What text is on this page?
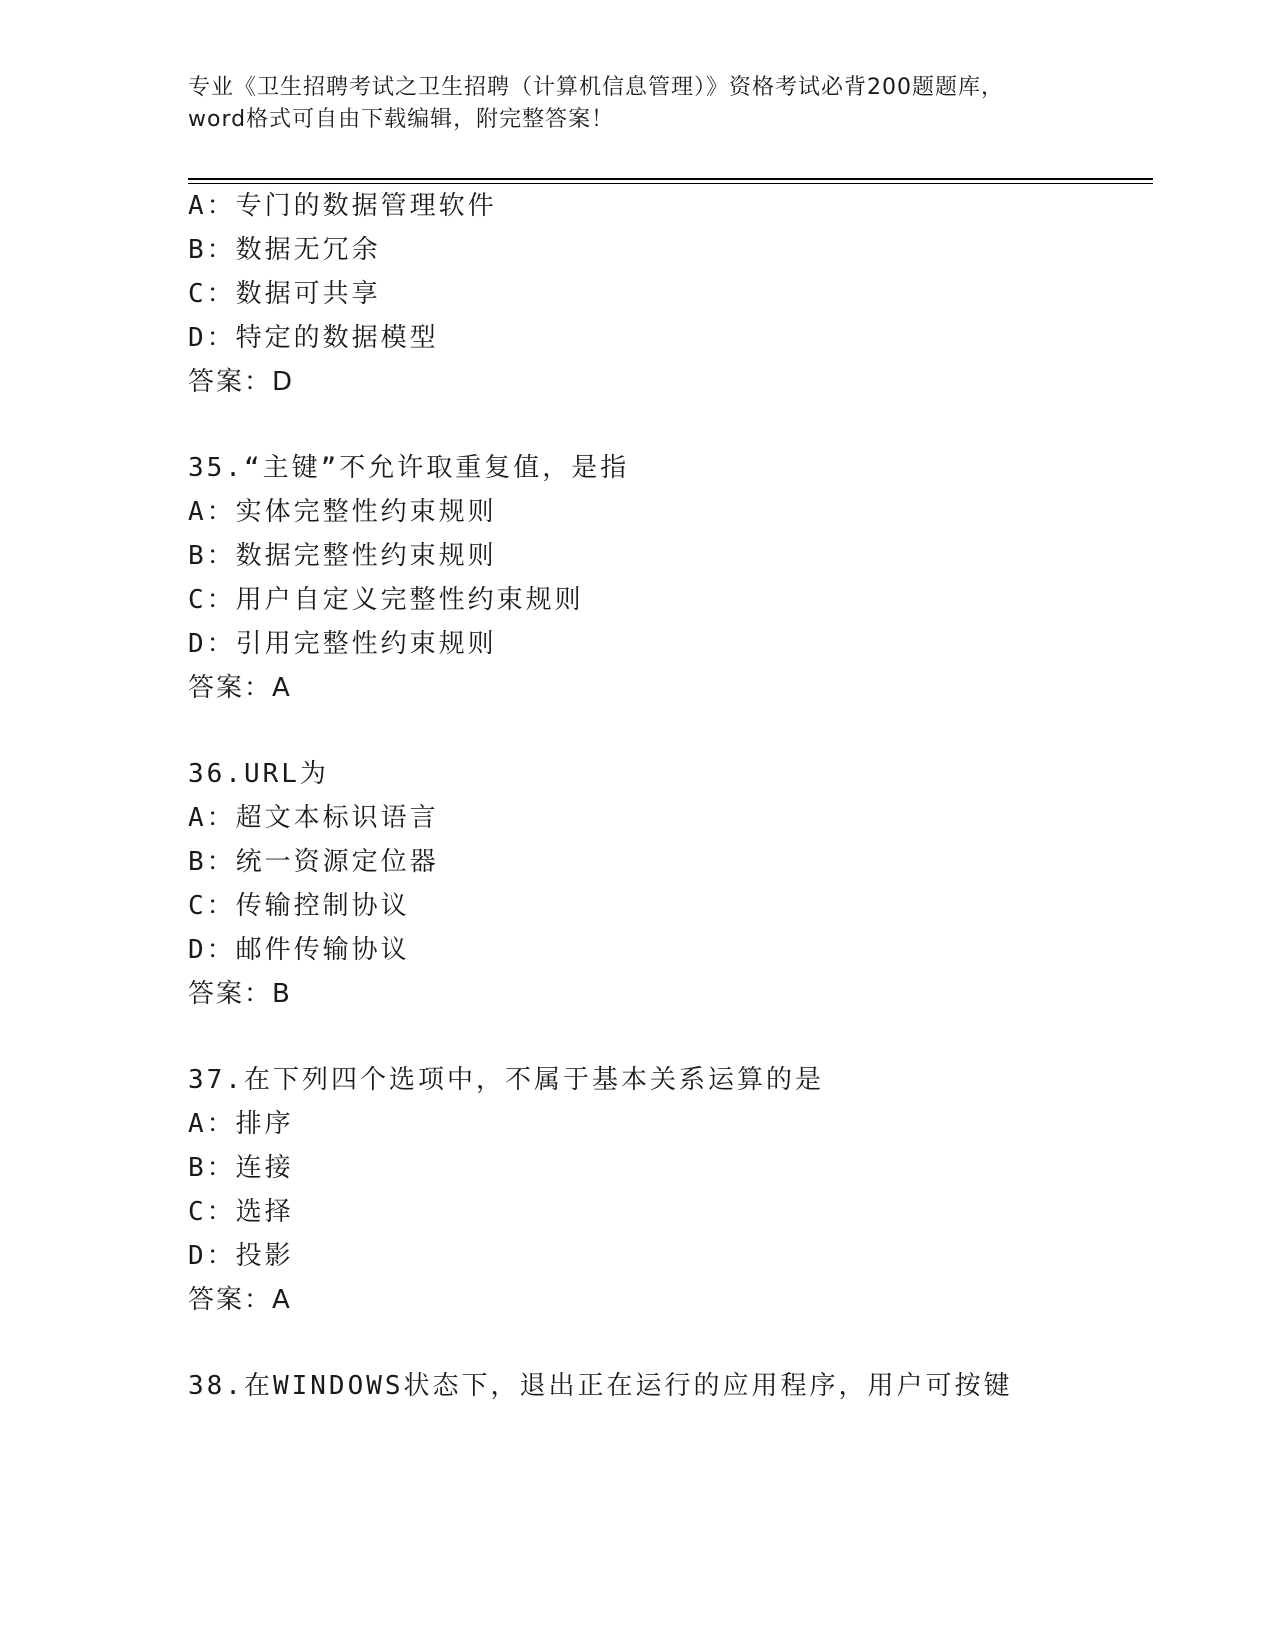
专业《卫生招聘考试之卫生招聘（计算机信息管理）》资格考试必背200题题库，
word格式可自由下载编辑，附完整答案！
A：专门的数据管理软件
B：数据无冗余
C：数据可共享
D：特定的数据模型
答案：D
35.“主键”不允许取重复值，是指
A：实体完整性约束规则
B：数据完整性约束规则
C：用户自定义完整性约束规则
D：引用完整性约束规则
答案：A
36.URL为
A：超文本标识语言
B：统一资源定位器
C：传输控制协议
D：邮件传输协议
答案：B
37.在下列四个选项中，不属于基本关系运算的是
A：排序
B：连接
C：选择
D：投影
答案：A
38.在WINDOWS状态下，退出正在运行的应用程序，用户可按键
